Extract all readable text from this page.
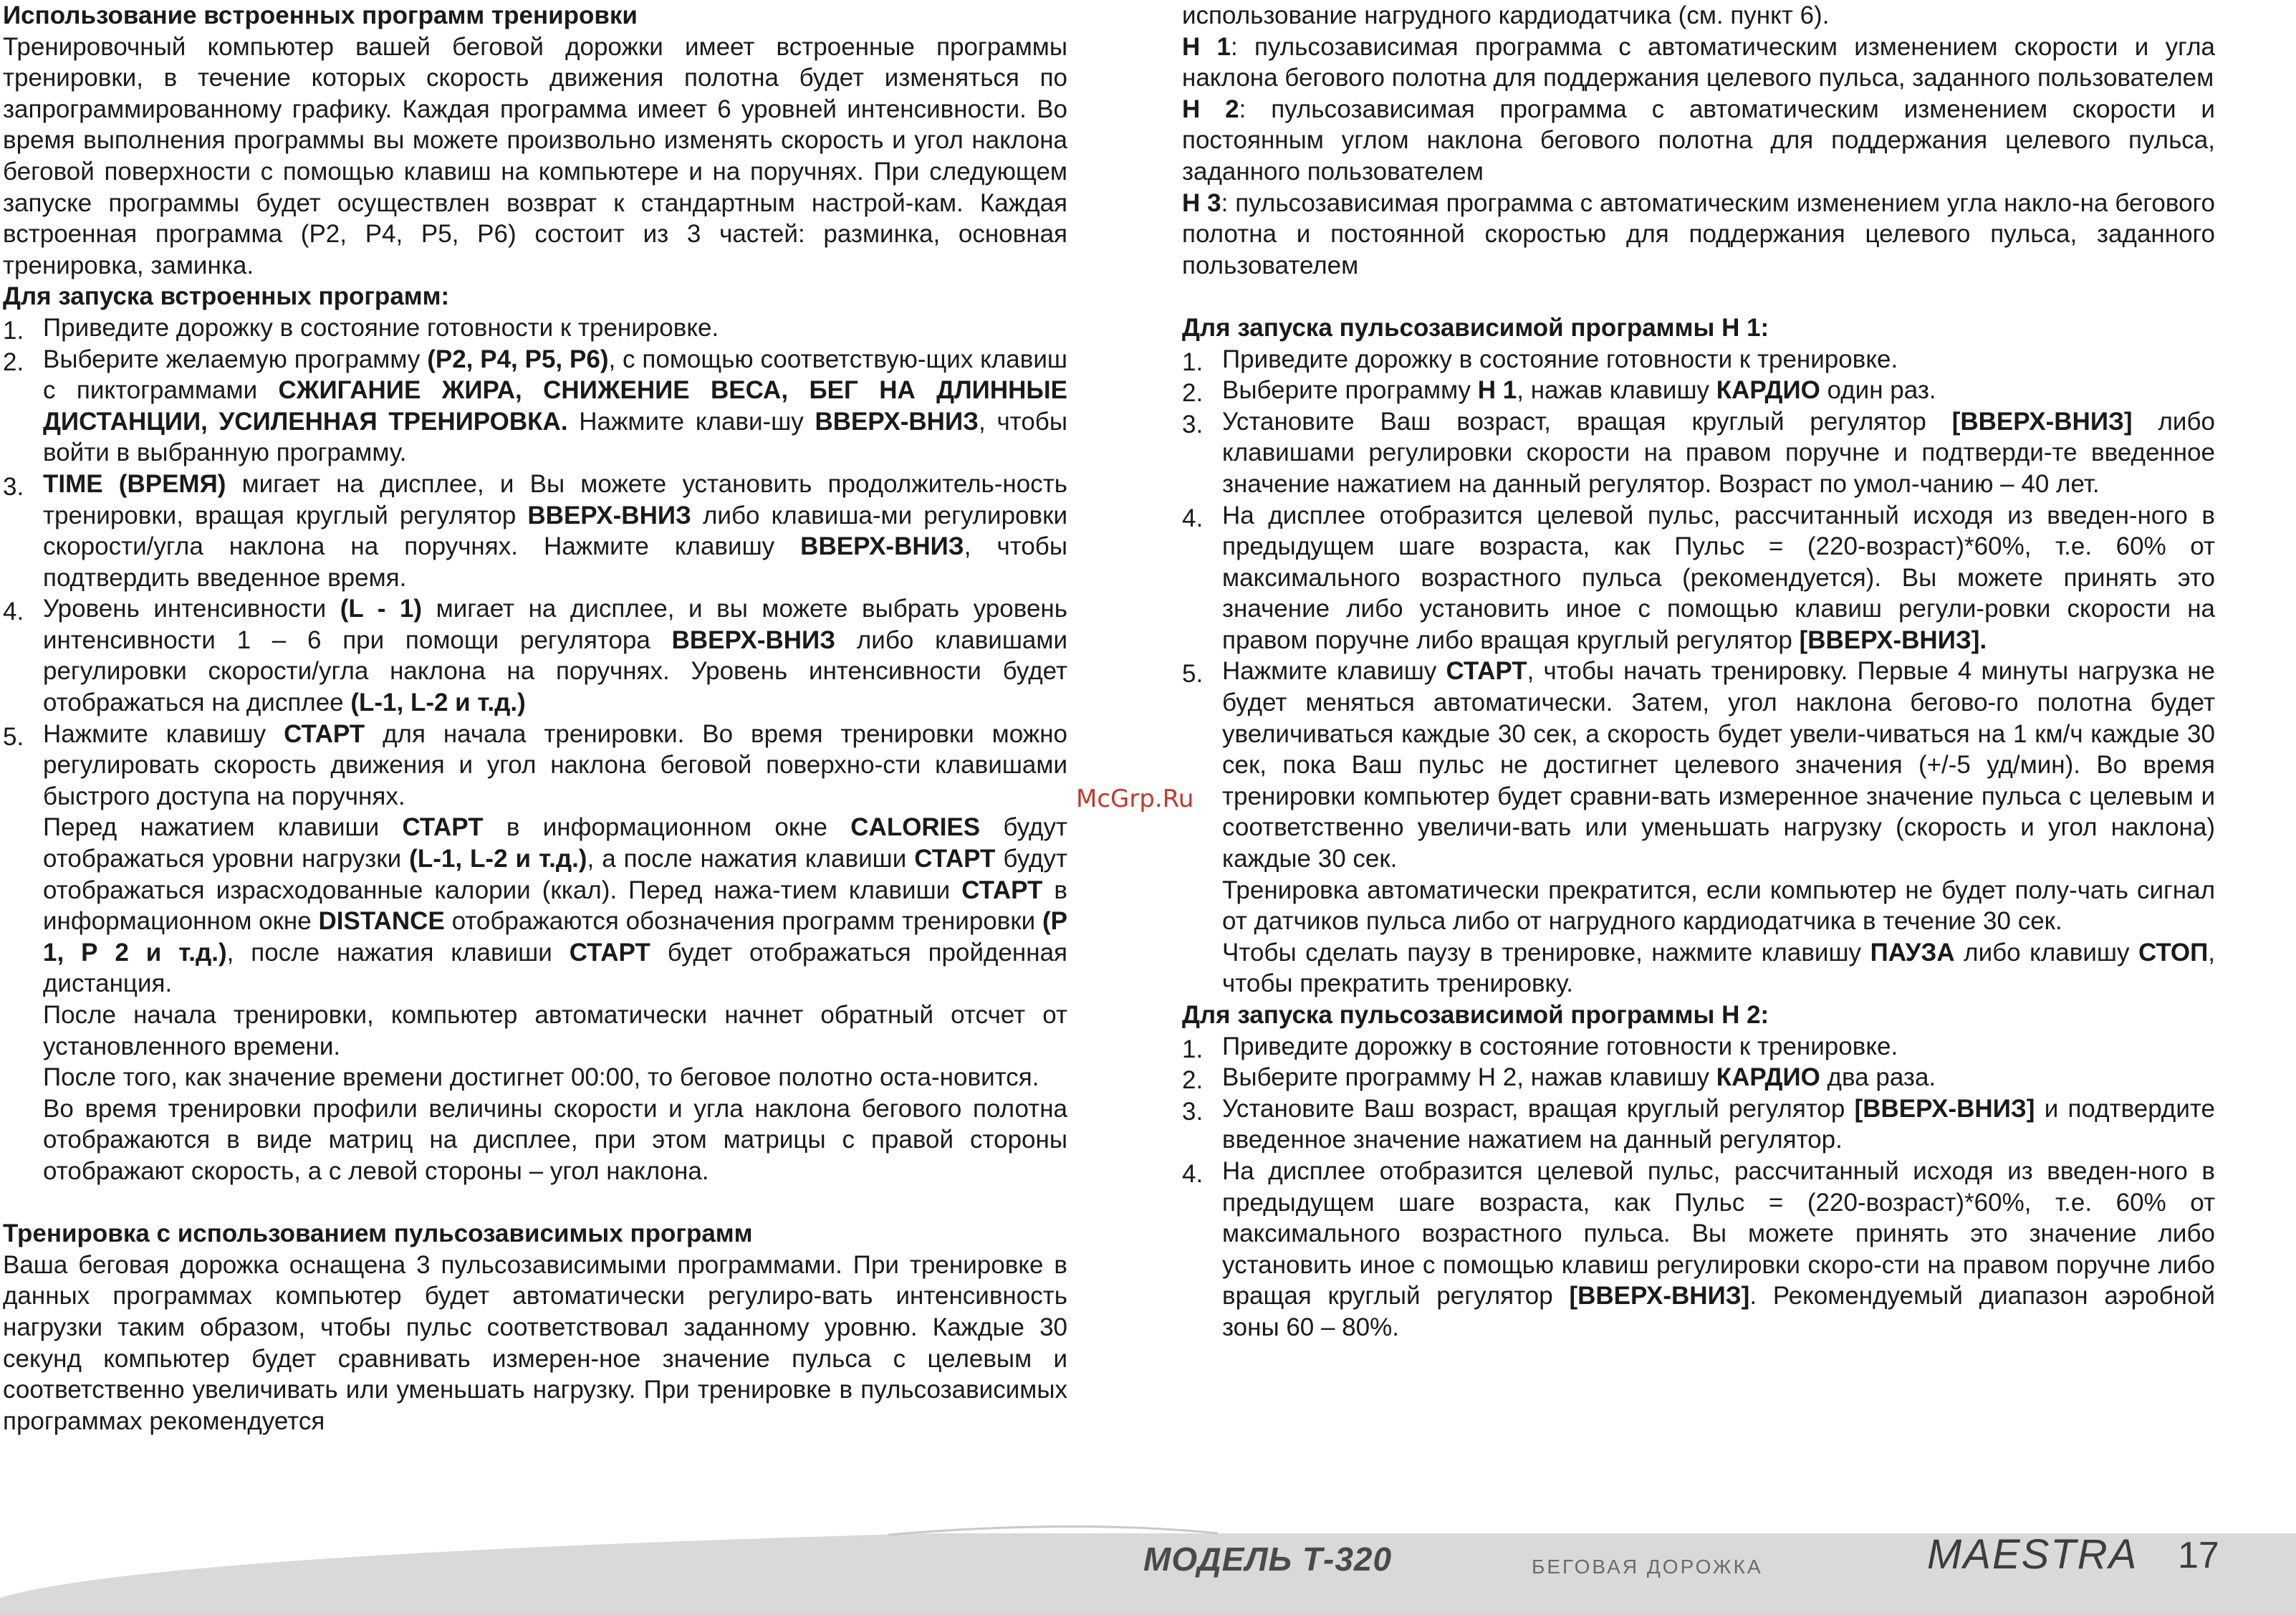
Использование встроенных программ тренировки

Тренировочный компьютер вашей беговой дорожки имеет встроенные программы тренировки, в течение которых скорость движения полотна будет изменяться по запрограммированному графику. Каждая программа имеет 6 уровней интенсивности. Во время выполнения программы вы можете произвольно изменять скорость и угол наклона беговой поверхности с помощью клавиш на компьютере и на поручнях. При следующем запуске программы будет осуществлен возврат к стандартным настрой-кам. Каждая встроенная программа (P2, P4, P5, P6) состоит из 3 частей: разминка, основная тренировка, заминка.

Для запуска встроенных программ:

1. Приведите дорожку в состояние готовности к тренировке.
2. Выберите желаемую программу (P2, P4, P5, P6), с помощью соответствую-щих клавиш с пиктограммами СЖИГАНИЕ ЖИРА, СНИЖЕНИЕ ВЕСА, БЕГ НА ДЛИННЫЕ ДИСТАНЦИИ, УСИЛЕННАЯ ТРЕНИРОВКА. Нажмите клави-шу ВВЕРХ-ВНИЗ, чтобы войти в выбранную программу.
3. TIME (ВРЕМЯ) мигает на дисплее, и Вы можете установить продолжитель-ность тренировки, вращая круглый регулятор ВВЕРХ-ВНИЗ либо клавиша-ми регулировки скорости/угла наклона на поручнях. Нажмите клавишу ВВЕРХ-ВНИЗ, чтобы подтвердить введенное время.
4. Уровень интенсивности (L - 1) мигает на дисплее, и вы можете выбрать уровень интенсивности 1 – 6 при помощи регулятора ВВЕРХ-ВНИЗ либо клавишами регулировки скорости/угла наклона на поручнях. Уровень интенсивности будет отображаться на дисплее (L-1, L-2 и т.д.)
5. Нажмите клавишу СТАРТ для начала тренировки. Во время тренировки можно регулировать скорость движения и угол наклона беговой поверхно-сти клавишами быстрого доступа на поручнях.

Перед нажатием клавиши СТАРТ в информационном окне CALORIES будут отображаться уровни нагрузки (L-1, L-2 и т.д.), а после нажатия клавиши СТАРТ будут отображаться израсходованные калории (ккал). Перед нажа-тием клавиши СТАРТ в информационном окне DISTANCE отображаются обозначения программ тренировки (Р 1, Р 2 и т.д.), после нажатия клавиши СТАРТ будет отображаться пройденная дистанция.

После начала тренировки, компьютер автоматически начнет обратный отсчет от установленного времени.

После того, как значение времени достигнет 00:00, то беговое полотно оста-новится.

Во время тренировки профили величины скорости и угла наклона бегового полотна отображаются в виде матриц на дисплее, при этом матрицы с правой стороны отображают скорость, а с левой стороны – угол наклона.

Тренировка с использованием пульсозависимых программ

Ваша беговая дорожка оснащена 3 пульсозависимыми программами. При тренировке в данных программах компьютер будет автоматически регулиро-вать интенсивность нагрузки таким образом, чтобы пульс соответствовал заданному уровню. Каждые 30 секунд компьютер будет сравнивать измерен-ное значение пульса с целевым и соответственно увеличивать или уменьшать нагрузку. При тренировке в пульсозависимых программах рекомендуется

использование нагрудного кардиодатчика (см. пункт 6).

H 1: пульсозависимая программа с автоматическим изменением скорости и угла наклона бегового полотна для поддержания целевого пульса, заданного пользователем

H 2: пульсозависимая программа с автоматическим изменением скорости и постоянным углом наклона бегового полотна для поддержания целевого пульса, заданного пользователем

H 3: пульсозависимая программа с автоматическим изменением угла накло-на бегового полотна и постоянной скоростью для поддержания целевого пульса, заданного пользователем

Для запуска пульсозависимой программы H 1:

1. Приведите дорожку в состояние готовности к тренировке.
2. Выберите программу H 1, нажав клавишу КАРДИО один раз.
3. Установите Ваш возраст, вращая круглый регулятор [ВВЕРХ-ВНИЗ] либо клавишами регулировки скорости на правом поручне и подтверди-те введенное значение нажатием на данный регулятор. Возраст по умол-чанию – 40 лет.
4. На дисплее отобразится целевой пульс, рассчитанный исходя из введен-ного в предыдущем шаге возраста, как Пульс = (220-возраст)*60%, т.е. 60% от максимального возрастного пульса (рекомендуется). Вы можете принять это значение либо установить иное с помощью клавиш регули-ровки скорости на правом поручне либо вращая круглый регулятор [ВВЕРХ-ВНИЗ].
5. Нажмите клавишу СТАРТ, чтобы начать тренировку. Первые 4 минуты нагрузка не будет меняться автоматически. Затем, угол наклона бегово-го полотна будет увеличиваться каждые 30 сек, а скорость будет увели-чиваться на 1 км/ч каждые 30 сек, пока Ваш пульс не достигнет целевого значения (+/-5 уд/мин). Во время тренировки компьютер будет сравни-вать измеренное значение пульса с целевым и соответственно увеличи-вать или уменьшать нагрузку (скорость и угол наклона) каждые 30 сек.

Тренировка автоматически прекратится, если компьютер не будет полу-чать сигнал от датчиков пульса либо от нагрудного кардиодатчика в течение 30 сек.

Чтобы сделать паузу в тренировке, нажмите клавишу ПАУЗА либо клавишу СТОП, чтобы прекратить тренировку.

Для запуска пульсозависимой программы H 2:

1. Приведите дорожку в состояние готовности к тренировке.
2. Выберите программу H 2, нажав клавишу КАРДИО два раза.
3. Установите Ваш возраст, вращая круглый регулятор [ВВЕРХ-ВНИЗ] и подтвердите введенное значение нажатием на данный регулятор.
4. На дисплее отобразится целевой пульс, рассчитанный исходя из введен-ного в предыдущем шаге возраста, как Пульс = (220-возраст)*60%, т.е. 60% от максимального возрастного пульса. Вы можете принять это значение либо установить иное с помощью клавиш регулировки скоро-сти на правом поручне либо вращая круглый регулятор [ВВЕРХ-ВНИЗ]. Рекомендуемый диапазон аэробной зоны 60 – 80%.
McGrp.Ru
МОДЕЛЬ Т-320	БЕГОВАЯ ДОРОЖКА	MAESTRA 17
